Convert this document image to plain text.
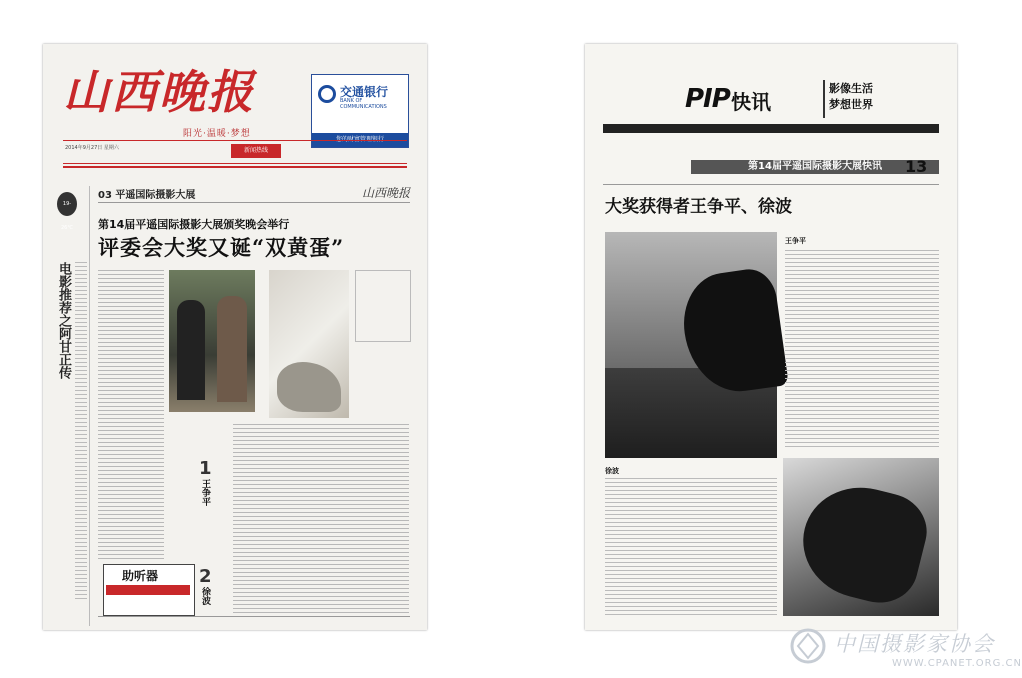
山西晚报
阳光·温暖·梦想
交通银行
BANK OF COMMUNICATIONS
您的财富管理银行
2014年9月27日 星期六	新闻热线
0351-4256666
19-26℃
电影推荐之阿甘正传
03 平遥国际摄影大展	山西晚报
第14届平遥国际摄影大展颁奖晚会举行
评委会大奖又诞“双黄蛋”
1
王争平
2
徐波
助听器
PIP 快讯
影像生活
梦想世界
第14届平遥国际摄影大展快讯	13
大奖获得者王争平、徐波
王争平
徐波
中国摄影家协会
WWW.CPANET.ORG.CN
